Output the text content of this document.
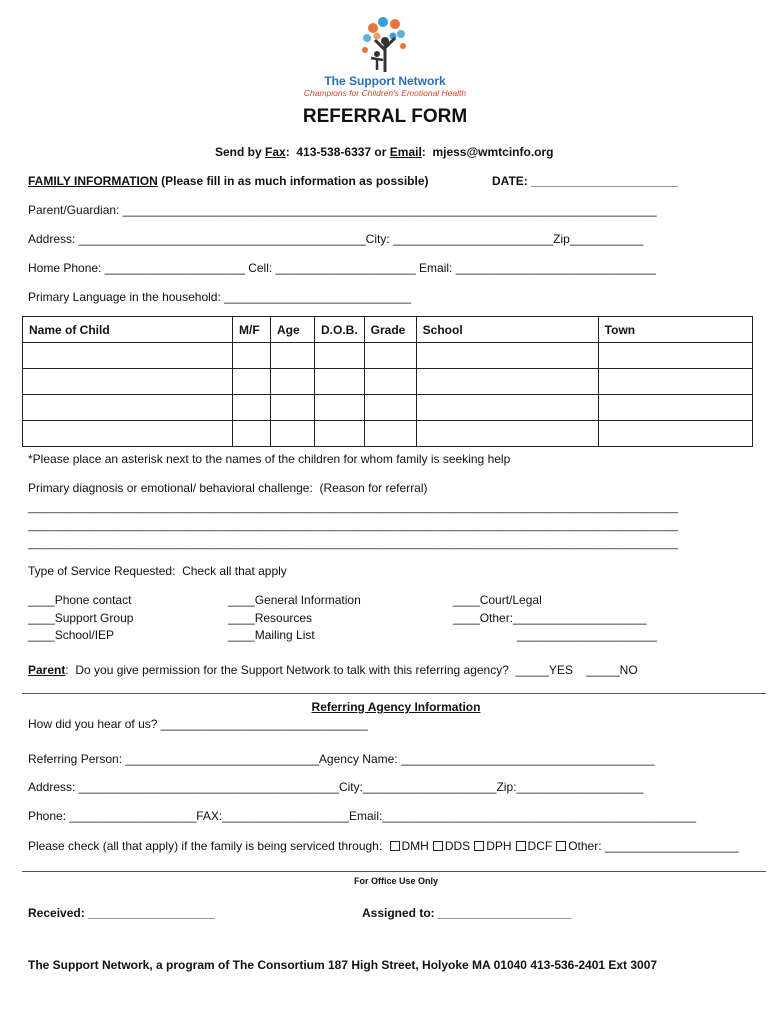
The Support Network
Champions for Children's Emotional Health
REFERRAL FORM
Send by Fax:  413-538-6337 or Email:  mjess@wmtcinfo.org
FAMILY INFORMATION (Please fill in as much information as possible)	DATE: ______________________
Parent/Guardian: ________________________________________________________________________________
Address: ___________________________________________City: ________________________Zip___________
Home Phone: _____________________ Cell: _____________________ Email: ______________________________
Primary Language in the household: ____________________________
Name of Child	M/F	Age	D.O.B.	Grade	School	Town

*Please place an asterisk next to the names of the children for whom family is seeking help
Primary diagnosis or emotional/ behavioral challenge:  (Reason for referral)
____________________________________________________________________________________________________________
____________________________________________________________________________________________________________
____________________________________________________________________________________________________________
Type of Service Requested:  Check all that apply
____Phone contact
____Support Group
____School/IEP
____General Information
____Resources
____Mailing List
____Court/Legal
____Other:____________________
_____________________
Parent:  Do you give permission for the Support Network to talk with this referring agency?  _____YES    _____NO
Referring Agency Information
How did you hear of us? _______________________________
Referring Person: _____________________________Agency Name: ______________________________________
Address: _______________________________________City:____________________Zip:___________________
Phone: ___________________FAX:___________________Email:_______________________________________________
Please check (all that apply) if the family is being serviced through: DMH DDS DPH DCF Other: ____________________
For Office Use Only
Received: ___________________	Assigned to: ____________________
The Support Network, a program of The Consortium 187 High Street, Holyoke MA 01040 413-536-2401 Ext 3007
